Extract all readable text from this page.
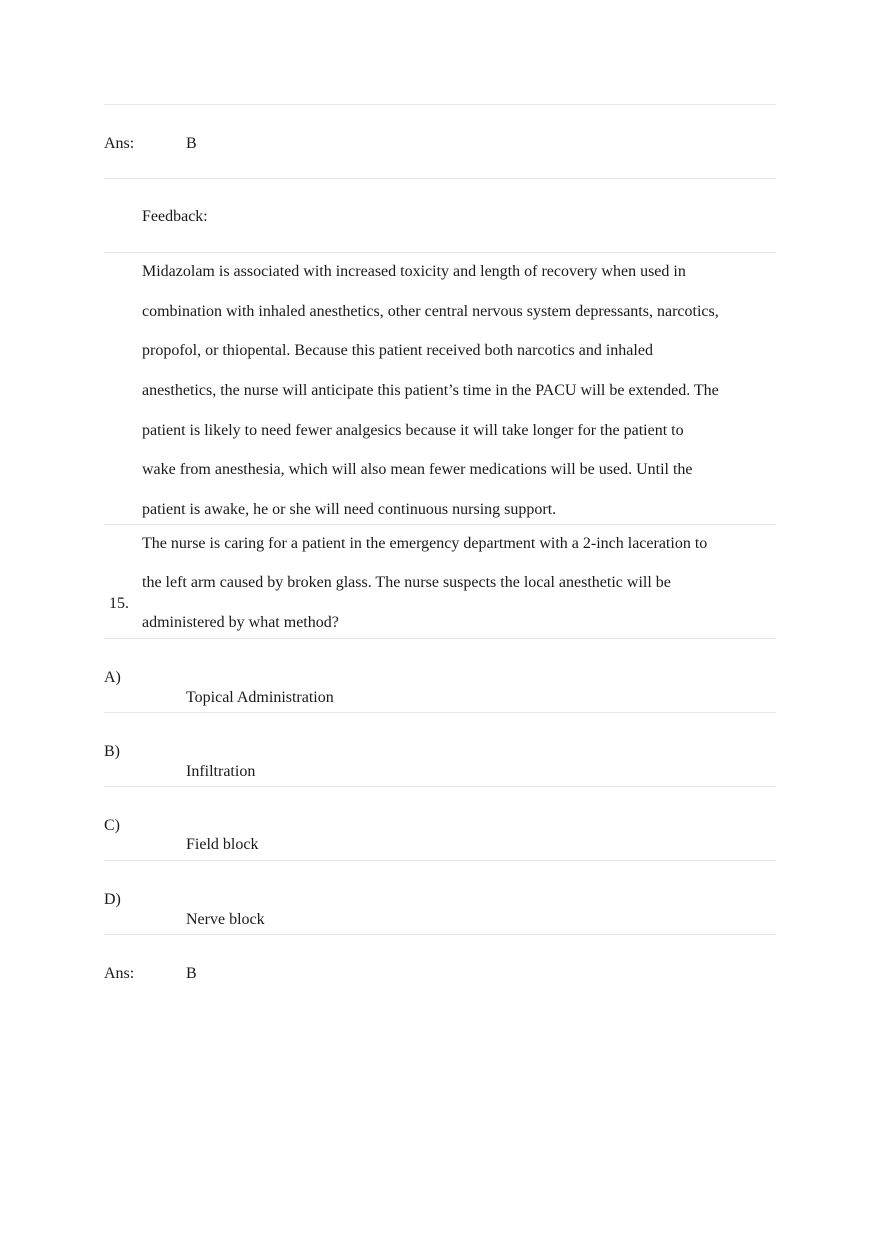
Ans:	B
Feedback:
Midazolam is associated with increased toxicity and length of recovery when used in
combination with inhaled anesthetics, other central nervous system depressants, narcotics,
propofol, or thiopental. Because this patient received both narcotics and inhaled
anesthetics, the nurse will anticipate this patient’s time in the PACU will be extended. The
patient is likely to need fewer analgesics because it will take longer for the patient to
wake from anesthesia, which will also mean fewer medications will be used. Until the
patient is awake, he or she will need continuous nursing support.
15.
The nurse is caring for a patient in the emergency department with a 2-inch laceration to
the left arm caused by broken glass. The nurse suspects the local anesthetic will be
administered by what method?
A)
Topical Administration
B)
Infiltration
C)
Field block
D)
Nerve block
Ans:	B
